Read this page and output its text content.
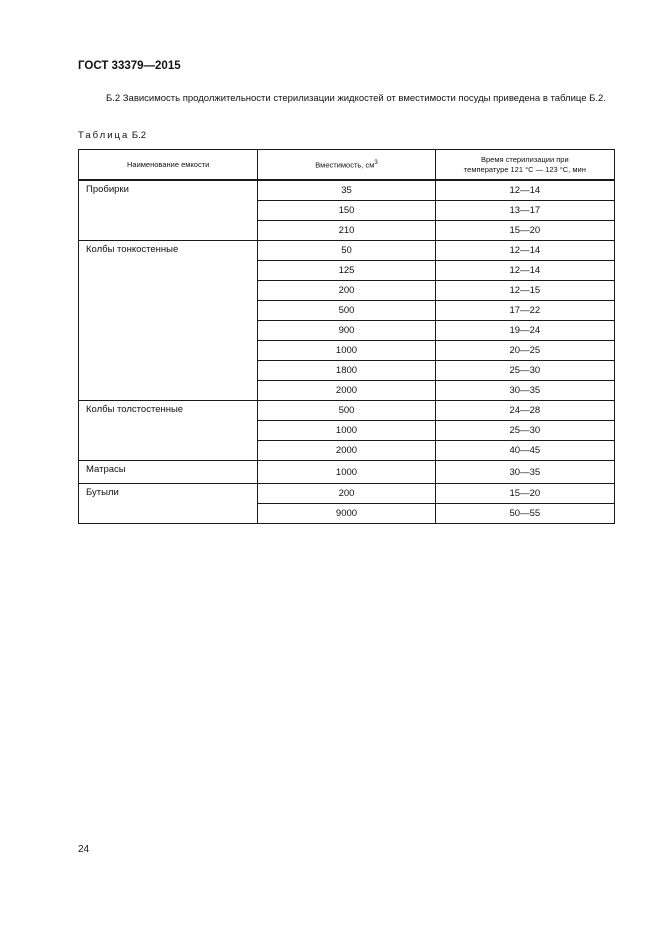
ГОСТ 33379—2015
Б.2 Зависимость продолжительности стерилизации жидкостей от вместимости посуды приведена в таблице Б.2.
Таблица Б.2
Наименование емкости	Вместимость, $см^3$	Время стерилизации при
температуре 121 °С — 123 °С, мин
Пробирки	35	12—14
	150	13—17
	210	15—20
Колбы тонкостенные	50	12—14
	125	12—14
	200	12—15
	500	17—22
	900	19—24
	1000	20—25
	1800	25—30
	2000	30—35
Колбы толстостенные	500	24—28
	1000	25—30
	2000	40—45
Матрасы	1000	30—35
Бутыли	200	15—20
	9000	50—55
24
